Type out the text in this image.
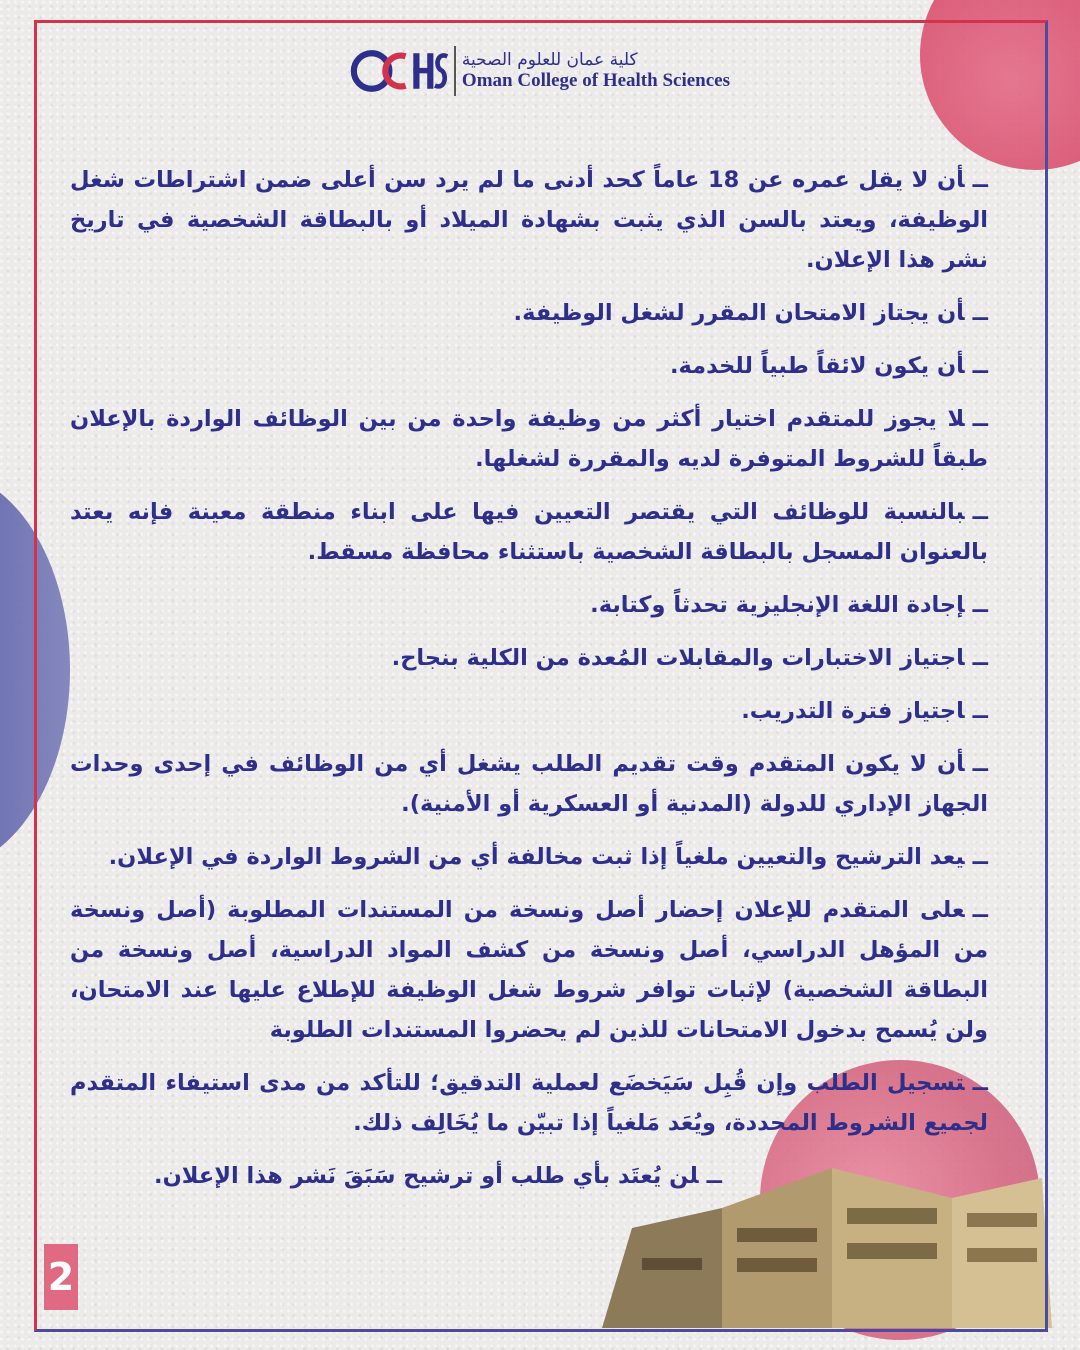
كلية عمان للعلوم الصحية
Oman College of Health Sciences
ــأن لا يقل عمره عن 18 عاماً كحد أدنى ما لم يرد سن أعلى ضمن اشتراطات شغل الوظيفة، ويعتد بالسن الذي يثبت بشهادة الميلاد أو بالبطاقة الشخصية في تاريخ نشر هذا الإعلان.
ــأن يجتاز الامتحان المقرر لشغل الوظيفة.
ــأن يكون لائقاً طبياً للخدمة.
ــلا يجوز للمتقدم اختيار أكثر من وظيفة واحدة من بين الوظائف الواردة بالإعلان طبقاً للشروط المتوفرة لديه والمقررة لشغلها.
ــبالنسبة للوظائف التي يقتصر التعيين فيها على ابناء منطقة معينة فإنه يعتد بالعنوان المسجل بالبطاقة الشخصية باستثناء محافظة مسقط.
ــإجادة اللغة الإنجليزية تحدثاً وكتابة.
ــاجتياز الاختبارات والمقابلات المُعدة من الكلية بنجاح.
ــاجتياز فترة التدريب.
ــأن لا يكون المتقدم وقت تقديم الطلب يشغل أي من الوظائف في إحدى وحدات الجهاز الإداري للدولة (المدنية أو العسكرية أو الأمنية).
ــيعد الترشيح والتعيين ملغياً إذا ثبت مخالفة أي من الشروط الواردة في الإعلان.
ــعلى المتقدم للإعلان إحضار أصل ونسخة من المستندات المطلوبة (أصل ونسخة من المؤهل الدراسي، أصل ونسخة من كشف المواد الدراسية، أصل ونسخة من البطاقة الشخصية) لإثبات توافر شروط شغل الوظيفة للإطلاع عليها عند الامتحان، ولن يُسمح بدخول الامتحانات للذين لم يحضروا المستندات الطلوبة
ــتسجيل الطلب وإن قُبِل سَيَخضَع لعملية التدقيق؛ للتأكد من مدى استيفاء المتقدم لجميع الشروط المحددة، ويُعَد مَلغياً إذا تبيّن ما يُخَالِف ذلك.
ــلن يُعتَد بأي طلب أو ترشيح سَبَقَ نَشر هذا الإعلان.
2
